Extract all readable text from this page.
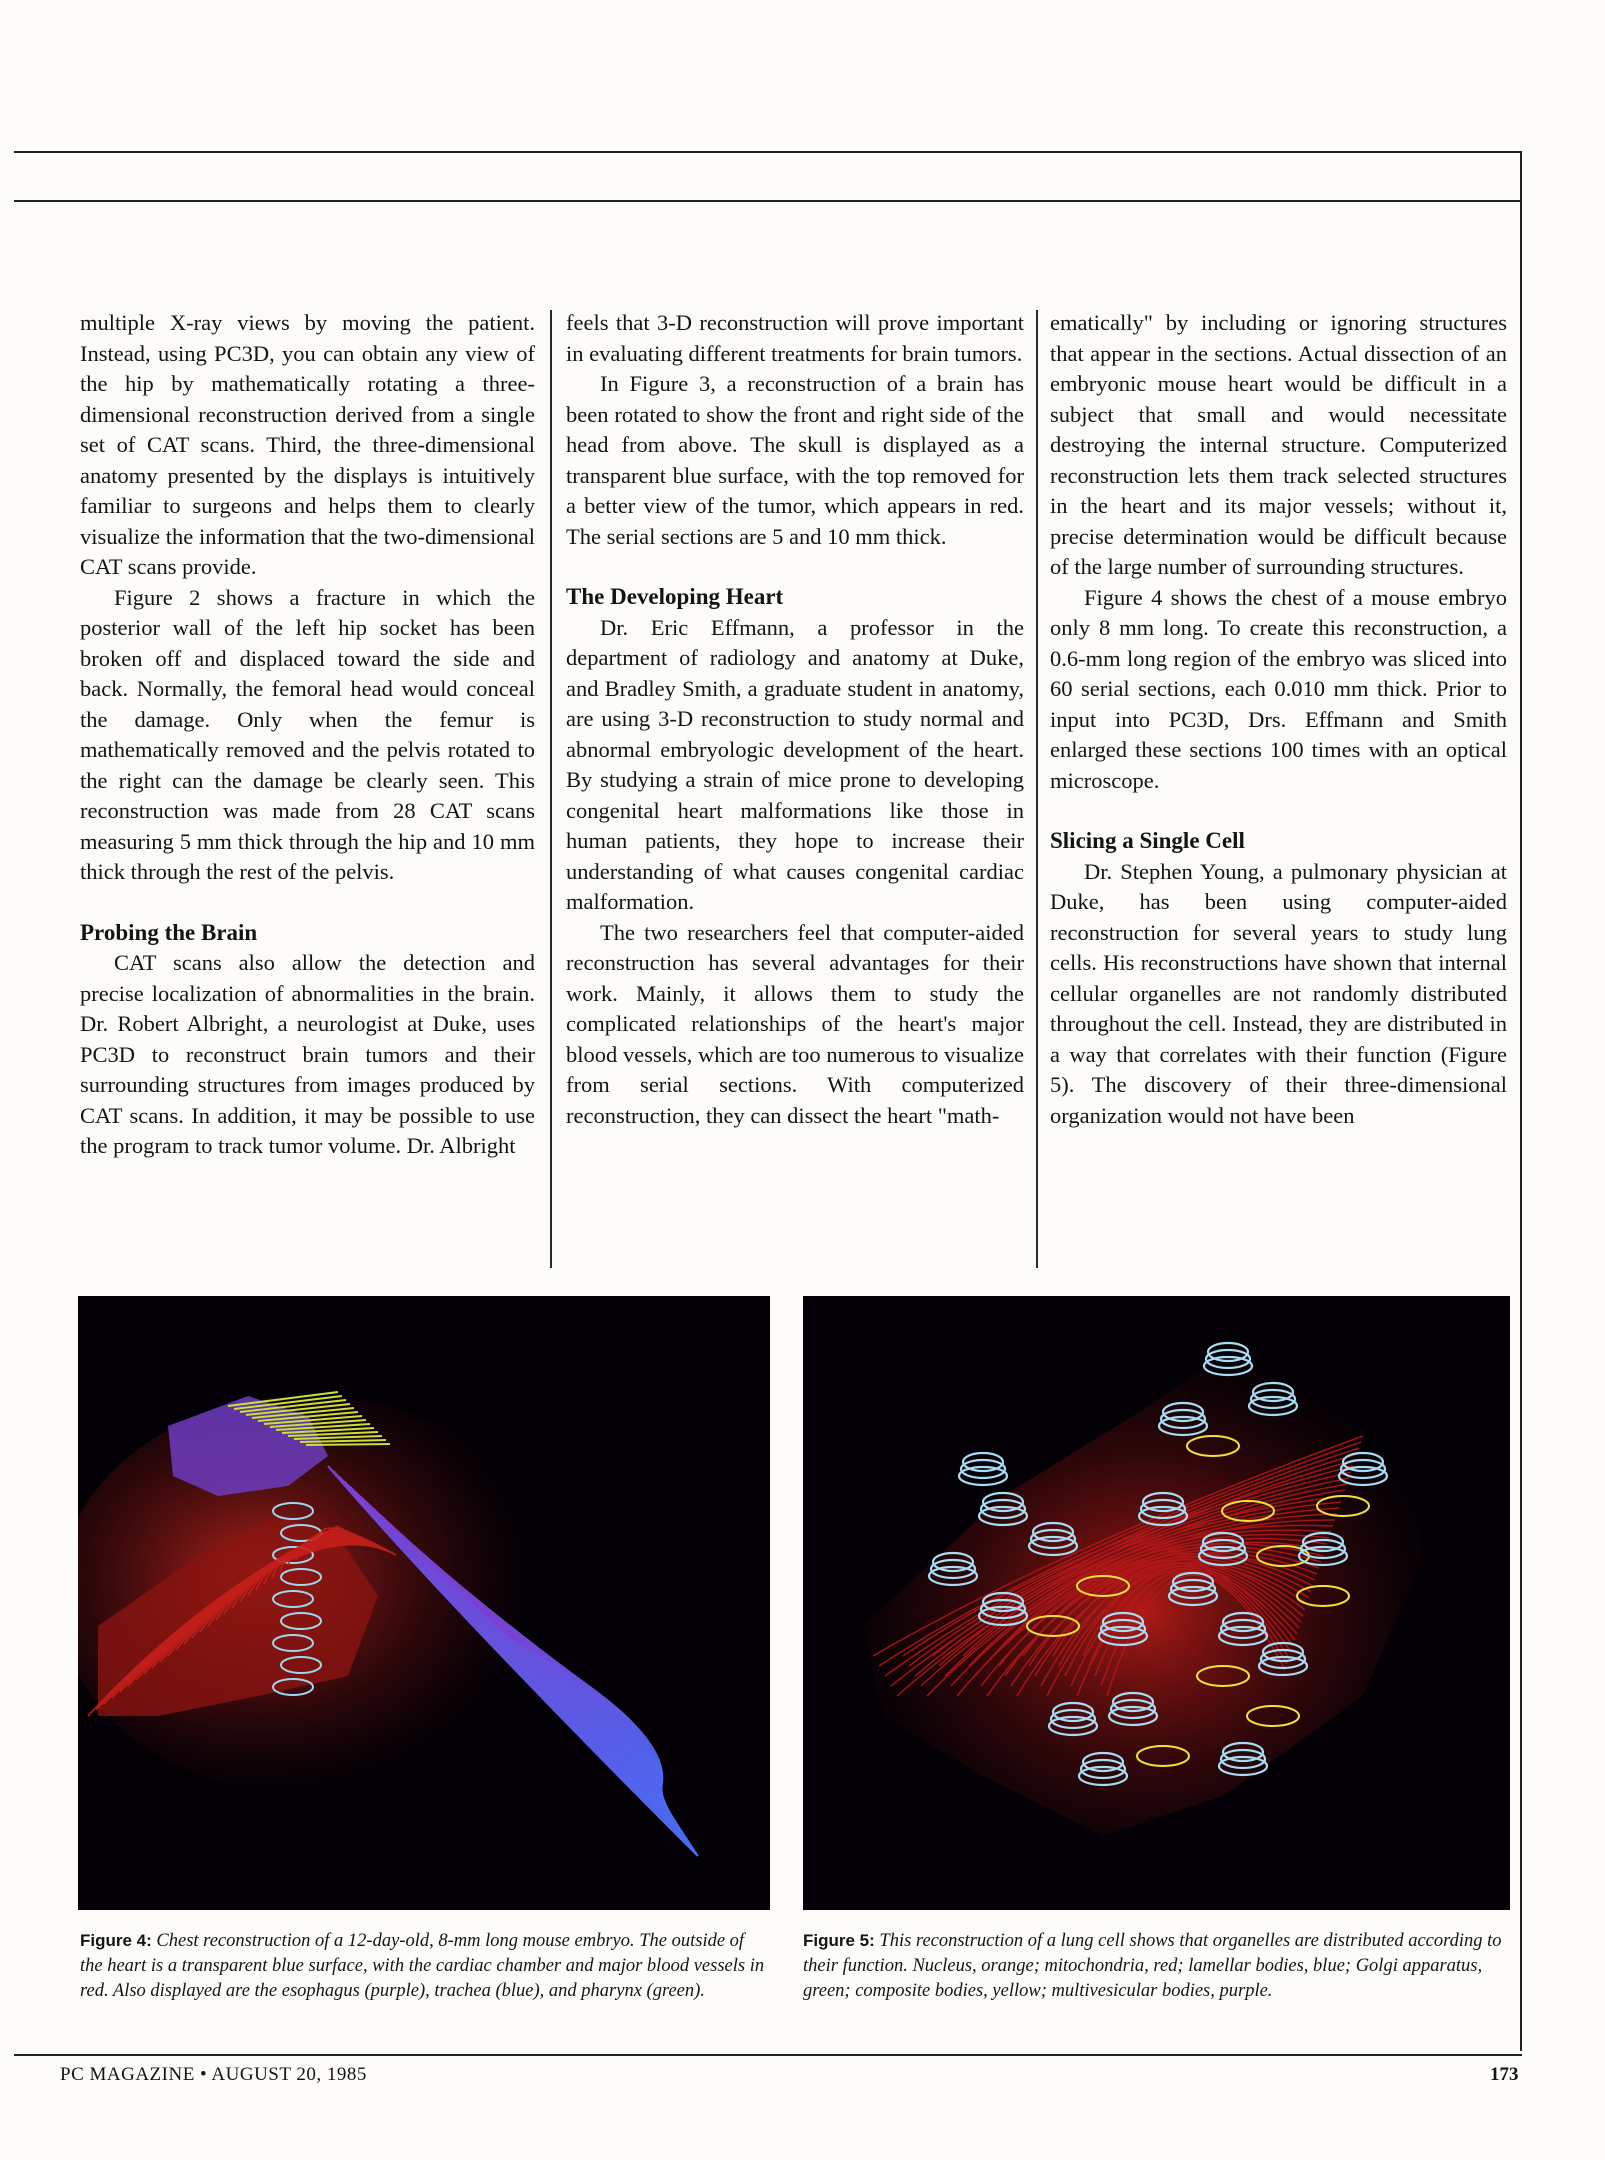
multiple X-ray views by moving the patient. Instead, using PC3D, you can obtain any view of the hip by mathematically rotating a three-dimensional reconstruction derived from a single set of CAT scans. Third, the three-dimensional anatomy presented by the displays is intuitively familiar to surgeons and helps them to clearly visualize the information that the two-dimensional CAT scans provide.

Figure 2 shows a fracture in which the posterior wall of the left hip socket has been broken off and displaced toward the side and back. Normally, the femoral head would conceal the damage. Only when the femur is mathematically removed and the pelvis rotated to the right can the damage be clearly seen. This reconstruction was made from 28 CAT scans measuring 5 mm thick through the hip and 10 mm thick through the rest of the pelvis.

Probing the Brain

CAT scans also allow the detection and precise localization of abnormalities in the brain. Dr. Robert Albright, a neurologist at Duke, uses PC3D to reconstruct brain tumors and their surrounding structures from images produced by CAT scans. In addition, it may be possible to use the program to track tumor volume. Dr. Albright

feels that 3-D reconstruction will prove important in evaluating different treatments for brain tumors.

In Figure 3, a reconstruction of a brain has been rotated to show the front and right side of the head from above. The skull is displayed as a transparent blue surface, with the top removed for a better view of the tumor, which appears in red. The serial sections are 5 and 10 mm thick.

The Developing Heart

Dr. Eric Effmann, a professor in the department of radiology and anatomy at Duke, and Bradley Smith, a graduate student in anatomy, are using 3-D reconstruction to study normal and abnormal embryologic development of the heart. By studying a strain of mice prone to developing congenital heart malformations like those in human patients, they hope to increase their understanding of what causes congenital cardiac malformation.

The two researchers feel that computer-aided reconstruction has several advantages for their work. Mainly, it allows them to study the complicated relationships of the heart's major blood vessels, which are too numerous to visualize from serial sections. With computerized reconstruction, they can dissect the heart "math-

ematically" by including or ignoring structures that appear in the sections. Actual dissection of an embryonic mouse heart would be difficult in a subject that small and would necessitate destroying the internal structure. Computerized reconstruction lets them track selected structures in the heart and its major vessels; without it, precise determination would be difficult because of the large number of surrounding structures.

Figure 4 shows the chest of a mouse embryo only 8 mm long. To create this reconstruction, a 0.6-mm long region of the embryo was sliced into 60 serial sections, each 0.010 mm thick. Prior to input into PC3D, Drs. Effmann and Smith enlarged these sections 100 times with an optical microscope.

Slicing a Single Cell

Dr. Stephen Young, a pulmonary physician at Duke, has been using computer-aided reconstruction for several years to study lung cells. His reconstructions have shown that internal cellular organelles are not randomly distributed throughout the cell. Instead, they are distributed in a way that correlates with their function (Figure 5). The discovery of their three-dimensional organization would not have been

Figure 4: Chest reconstruction of a 12-day-old, 8-mm long mouse embryo. The outside of the heart is a transparent blue surface, with the cardiac chamber and major blood vessels in red. Also displayed are the esophagus (purple), trachea (blue), and pharynx (green).
Figure 5: This reconstruction of a lung cell shows that organelles are distributed according to their function. Nucleus, orange; mitochondria, red; lamellar bodies, blue; Golgi apparatus, green; composite bodies, yellow; multivesicular bodies, purple.
PC MAGAZINE • AUGUST 20, 1985	173
